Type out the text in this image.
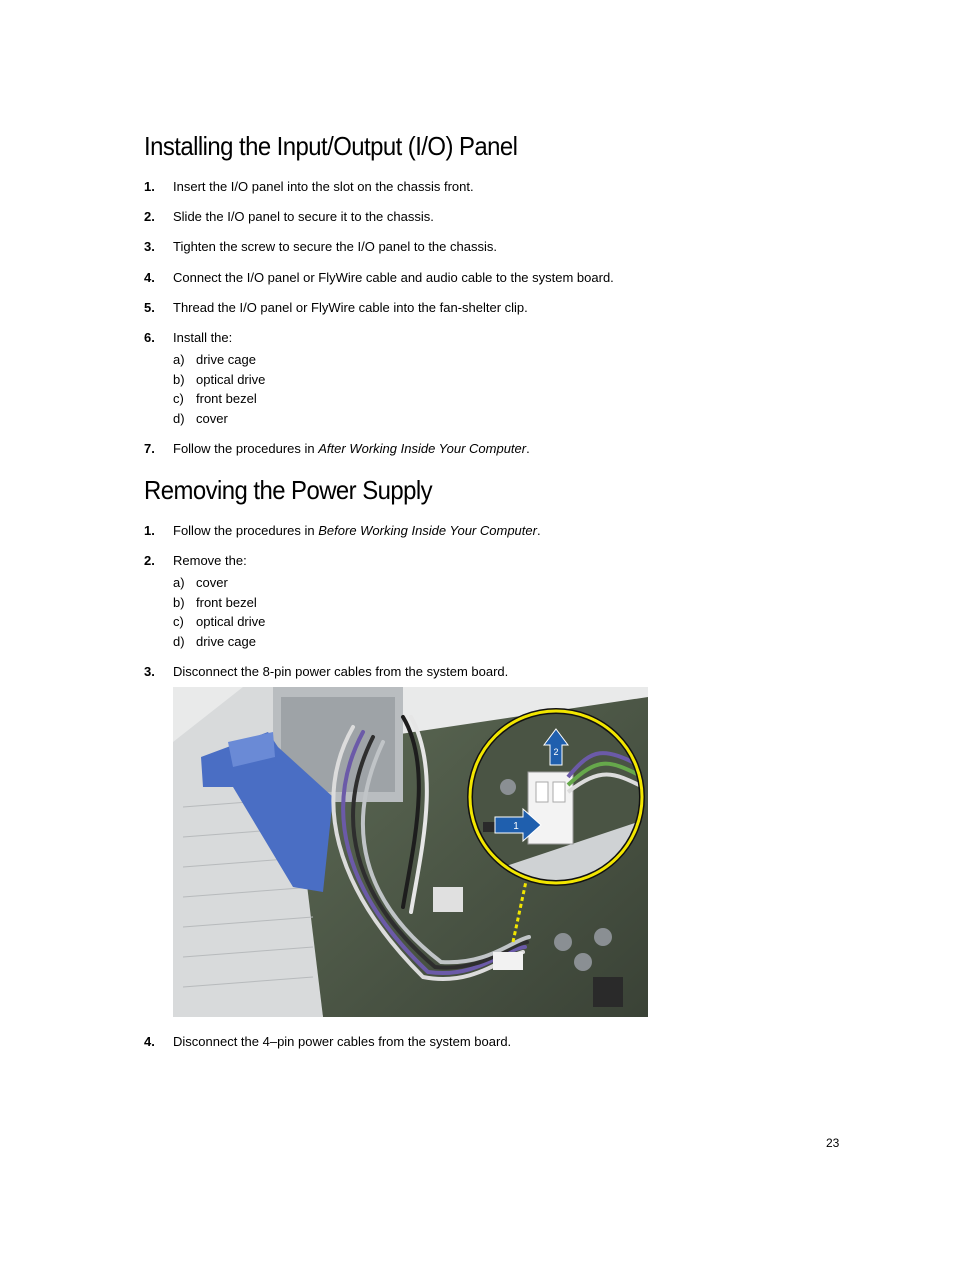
Installing the Input/Output (I/O) Panel
1. Insert the I/O panel into the slot on the chassis front.
2. Slide the I/O panel to secure it to the chassis.
3. Tighten the screw to secure the I/O panel to the chassis.
4. Connect the I/O panel or FlyWire cable and audio cable to the system board.
5. Thread the I/O panel or FlyWire cable into the fan-shelter clip.
6. Install the:
a) drive cage
b) optical drive
c) front bezel
d) cover
7. Follow the procedures in After Working Inside Your Computer.
Removing the Power Supply
1. Follow the procedures in Before Working Inside Your Computer.
2. Remove the:
a) cover
b) front bezel
c) optical drive
d) drive cage
3. Disconnect the 8-pin power cables from the system board.
2
1
4. Disconnect the 4–pin power cables from the system board.
23
